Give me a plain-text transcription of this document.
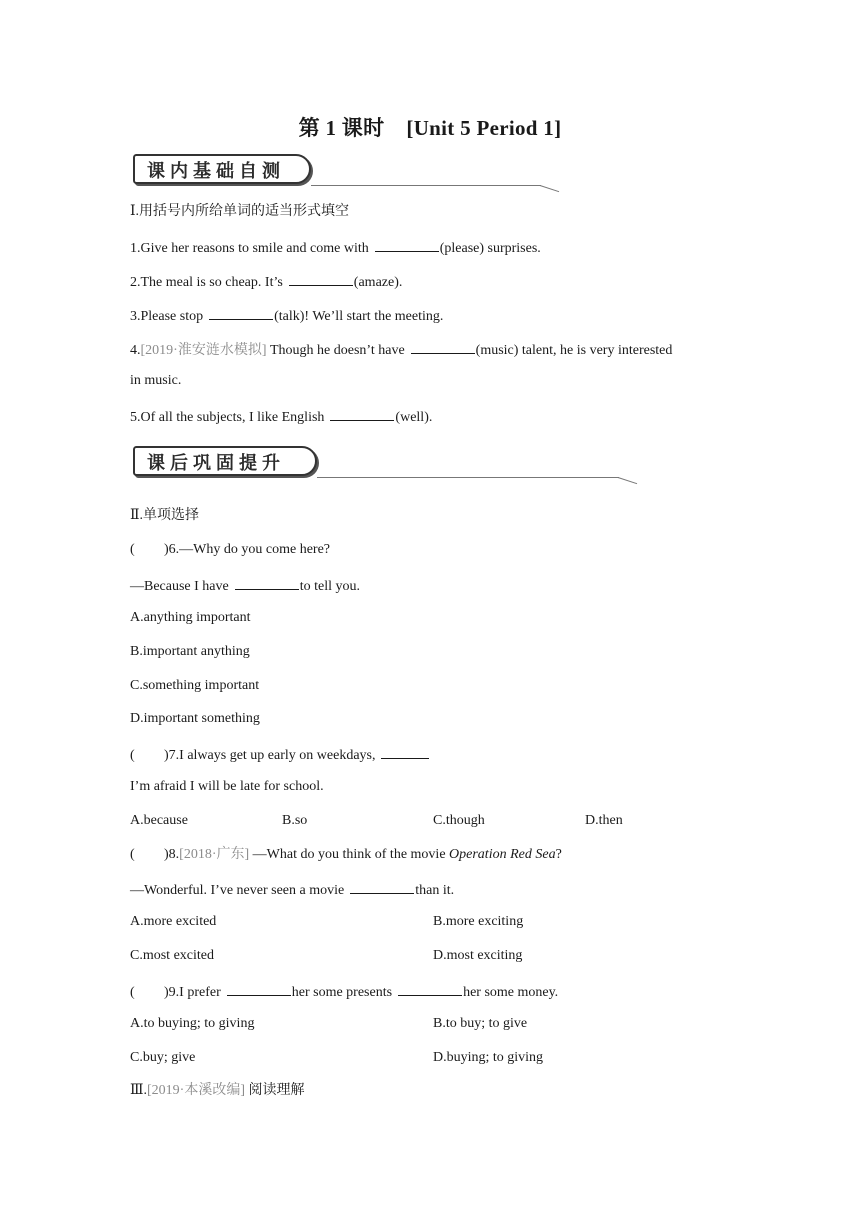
第 1 课时 [Unit 5 Period 1]
课内基础自测
Ⅰ.用括号内所给单词的适当形式填空
1.Give her reasons to smile and come with	(please) surprises.
2.The meal is so cheap. It’s	(amaze).
3.Please stop	(talk)! We’ll start the meeting.
4.[2019·淮安涟水模拟] Though he doesn’t have	(music) talent, he is very interested
in music.
5.Of all the subjects, I like English	(well).
课后巩固提升
Ⅱ.单项选择
( )6.—Why do you come here?
—Because I have	to tell you.
A.anything important
B.important anything
C.something important
D.important something
( )7.I always get up early on weekdays,
I’m afraid I will be late for school.
A.because	B.so	C.though	D.then
( )8.[2018·广东] —What do you think of the movie Operation Red Sea?
—Wonderful. I’ve never seen a movie	than it.
A.more excited	B.more exciting
C.most excited	D.most exciting
( )9.I prefer	her some presents	her some money.
A.to buying; to giving	B.to buy; to give
C.buy; give	D.buying; to giving
Ⅲ.[2019·本溪改编] 阅读理解
